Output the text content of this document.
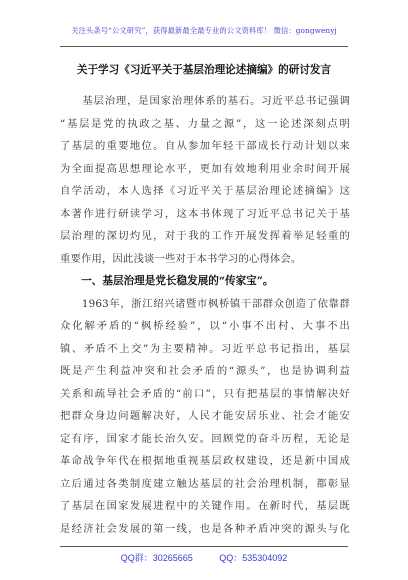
关注头条号“公文研究”，获得最新最全最专业的公文资料库！ 微信：gongwenyj
关于学习《习近平关于基层治理论述摘编》的研讨发言
　　基层治理，是国家治理体系的基石。习近平总书记强调
“基层是党的执政之基、力量之源”，这一论述深刻点明
了基层的重要地位。自从参加年轻干部成长行动计划以来
为全面提高思想理论水平，更加有效地利用业余时间开展
自学活动，本人选择《习近平关于基层治理论述摘编》这
本著作进行研读学习，这本书体现了习近平总书记关于基
层治理的深切灼见，对于我的工作开展发挥着举足轻重的
重要作用，因此浅谈一些对于本书学习的心得体会。
　　一、基层治理是党长稳发展的“传家宝”。
　　1963年，浙江绍兴诸暨市枫桥镇干部群众创造了依靠群
众化解矛盾的“枫桥经验”，以“小事不出村、大事不出
镇、矛盾不上交”为主要精神。习近平总书记指出，基层
既是产生利益冲突和社会矛盾的“源头”，也是协调利益
关系和疏导社会矛盾的“前口”，只有把基层的事情解决好
把群众身边问题解决好，人民才能安居乐业、社会才能安
定有序，国家才能长治久安。回顾党的奋斗历程，无论是
革命战争年代在根据地重视基层政权建设，还是新中国成
立后通过各类制度建立触达基层的社会治理机制，都彰显
了基层在国家发展进程中的关键作用。在新时代，基层既
是经济社会发展的第一线，也是各种矛盾冲突的源头与化
QQ群：30265665	QQ：535304092
